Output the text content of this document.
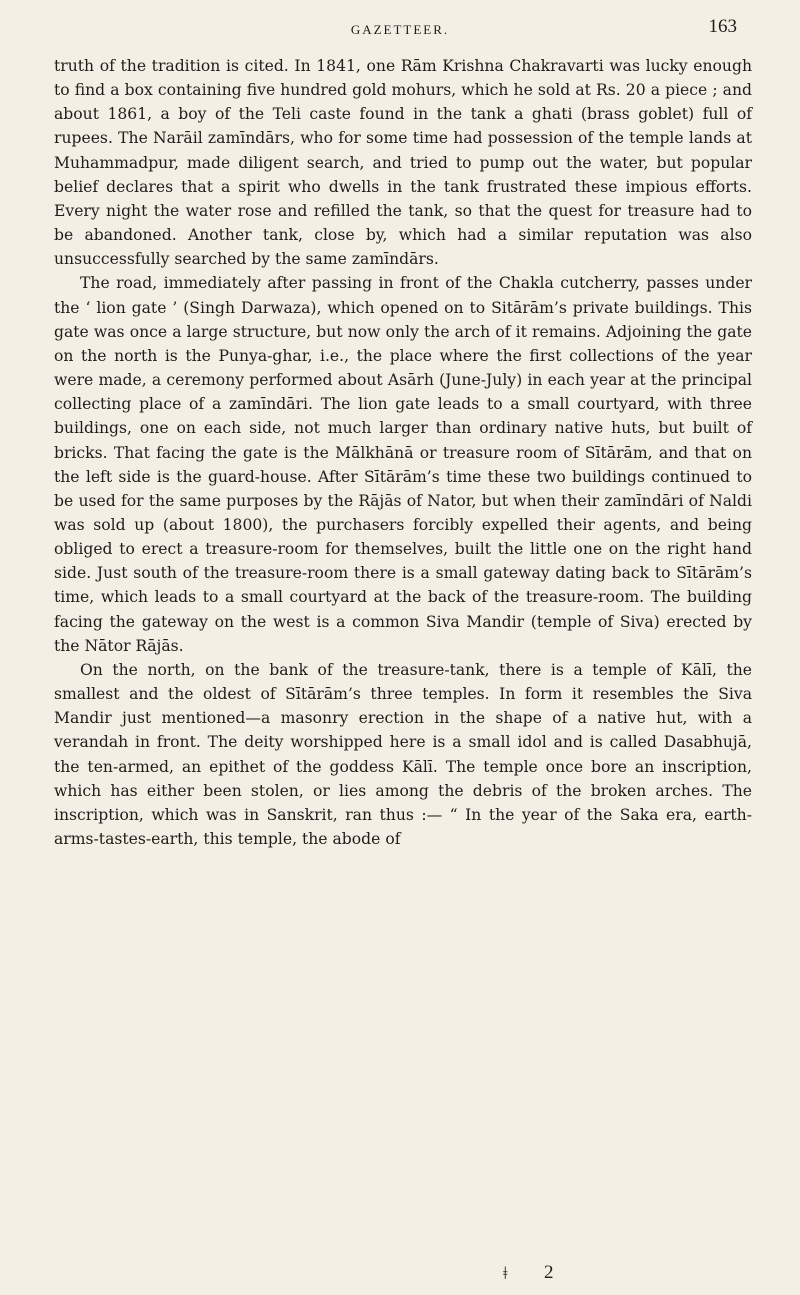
GAZETTEER.	163

truth of the tradition is cited. In 1841, one Rām Krishna Chakravarti was lucky enough to find a box containing five hundred gold mohurs, which he sold at Rs. 20 a piece ; and about 1861, a boy of the Teli caste found in the tank a ghati (brass goblet) full of rupees. The Narāil zamīndārs, who for some time had possession of the temple lands at Muhammadpur, made diligent search, and tried to pump out the water, but popular belief declares that a spirit who dwells in the tank frustrated these impious efforts. Every night the water rose and refilled the tank, so that the quest for treasure had to be abandoned. Another tank, close by, which had a similar reputation was also unsuccessfully searched by the same zamīndārs.

The road, immediately after passing in front of the Chakla cutcherry, passes under the ‘ lion gate ’ (Singh Darwaza), which opened on to Sitārām’s private buildings. This gate was once a large structure, but now only the arch of it remains. Adjoining the gate on the north is the Punya-ghar, i.e., the place where the first collections of the year were made, a ceremony performed about Asārh (June-July) in each year at the principal collecting place of a zamīndāri. The lion gate leads to a small courtyard, with three buildings, one on each side, not much larger than ordinary native huts, but built of bricks. That facing the gate is the Mālkhānā or treasure room of Sītārām, and that on the left side is the guard-house. After Sītārām’s time these two buildings continued to be used for the same purposes by the Rājās of Nator, but when their zamīndāri of Naldi was sold up (about 1800), the purchasers forcibly expelled their agents, and being obliged to erect a treasure-room for themselves, built the little one on the right hand side. Just south of the treasure-room there is a small gateway dating back to Sītārām’s time, which leads to a small courtyard at the back of the treasure-room. The building facing the gateway on the west is a common Siva Mandir (temple of Siva) erected by the Nātor Rājās.

On the north, on the bank of the treasure-tank, there is a temple of Kālī, the smallest and the oldest of Sītārām’s three temples. In form it resembles the Siva Mandir just mentioned—a masonry erection in the shape of a native hut, with a verandah in front. The deity worshipped here is a small idol and is called Dasabhujā, the ten-armed, an epithet of the goddess Kālī. The temple once bore an inscription, which has either been stolen, or lies among the debris of the broken arches. The inscription, which was in Sanskrit, ran thus :— “ In the year of the Saka era, earth-arms-tastes-earth, this temple, the abode of

ǂ 2
